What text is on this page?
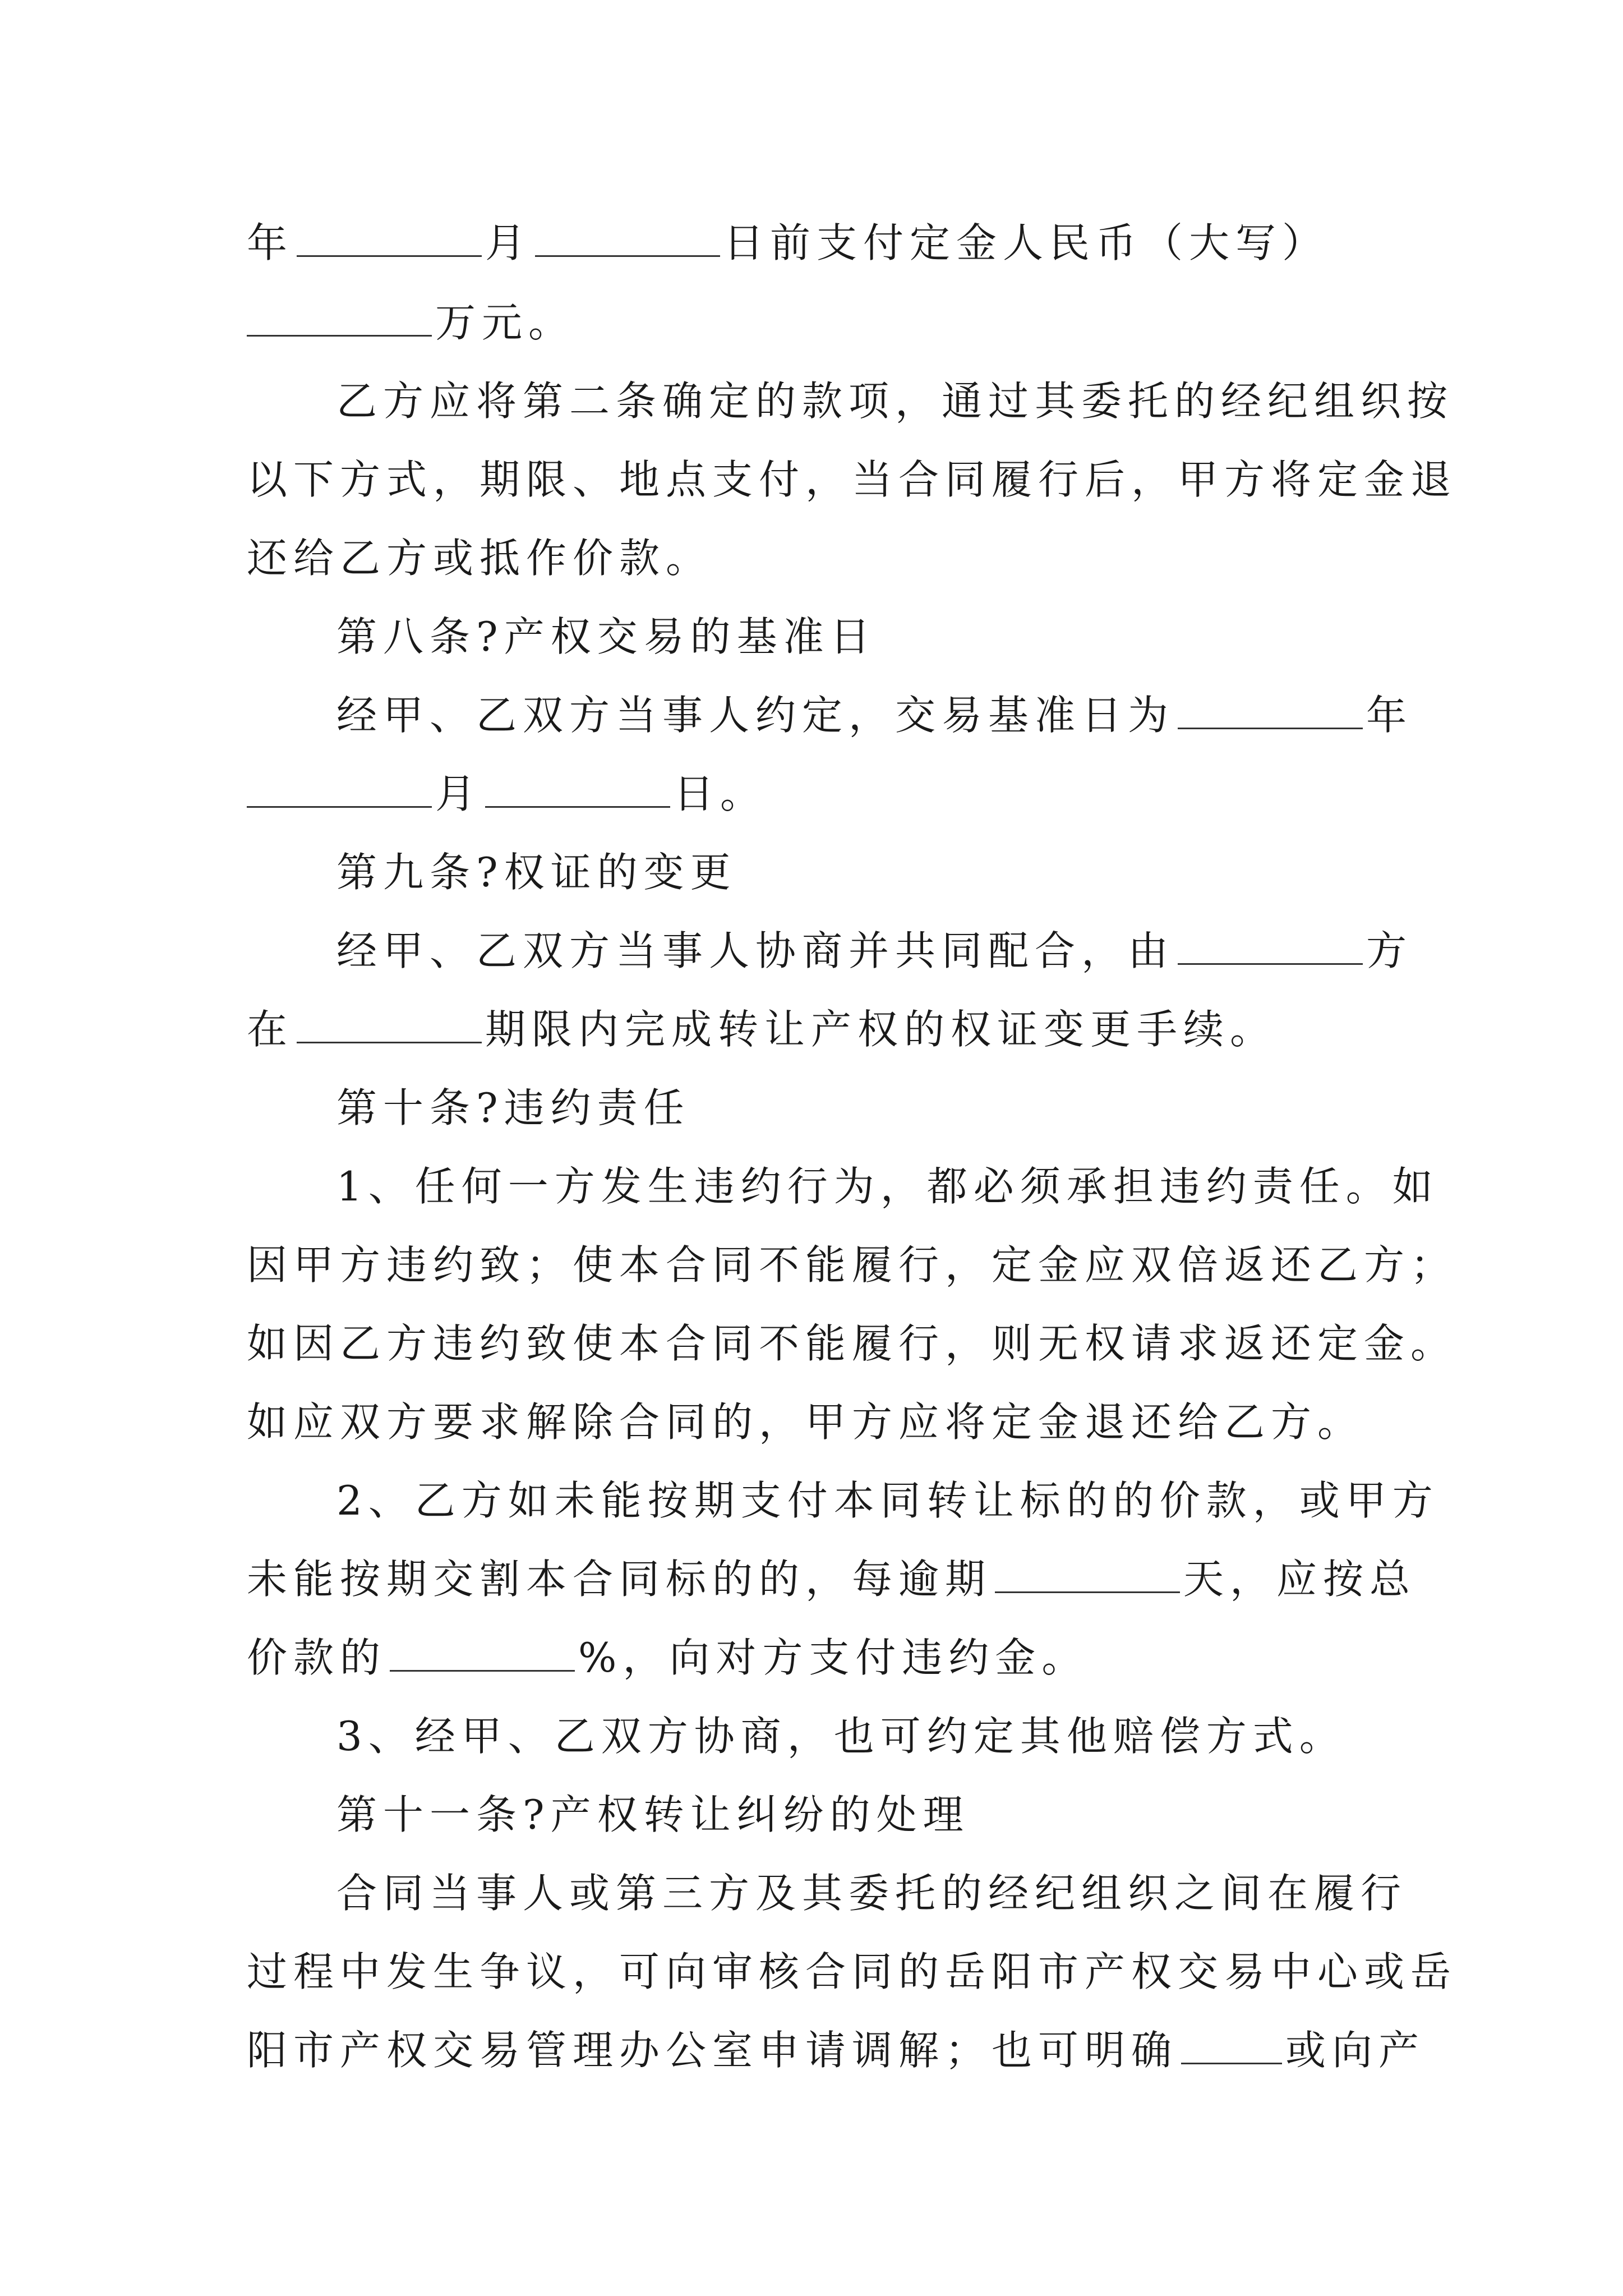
年	月	日前支付定金人民币（大写）
万元。
乙方应将第二条确定的款项，通过其委托的经纪组织按
以下方式，期限、地点支付，当合同履行后，甲方将定金退
还给乙方或抵作价款。
第八条?产权交易的基准日
经甲、乙双方当事人约定，交易基准日为	年
月	日。
第九条?权证的变更
经甲、乙双方当事人协商并共同配合，由	方
在	期限内完成转让产权的权证变更手续。
第十条?违约责任
1、任何一方发生违约行为，都必须承担违约责任。如
因甲方违约致；使本合同不能履行，定金应双倍返还乙方；
如因乙方违约致使本合同不能履行，则无权请求返还定金。
如应双方要求解除合同的，甲方应将定金退还给乙方。
2、乙方如未能按期支付本同转让标的的价款，或甲方
未能按期交割本合同标的的，每逾期	天，应按总
价款的	%，向对方支付违约金。
3、经甲、乙双方协商，也可约定其他赔偿方式。
第十一条?产权转让纠纷的处理
合同当事人或第三方及其委托的经纪组织之间在履行
过程中发生争议，可向审核合同的岳阳市产权交易中心或岳
阳市产权交易管理办公室申请调解；也可明确	或向产
